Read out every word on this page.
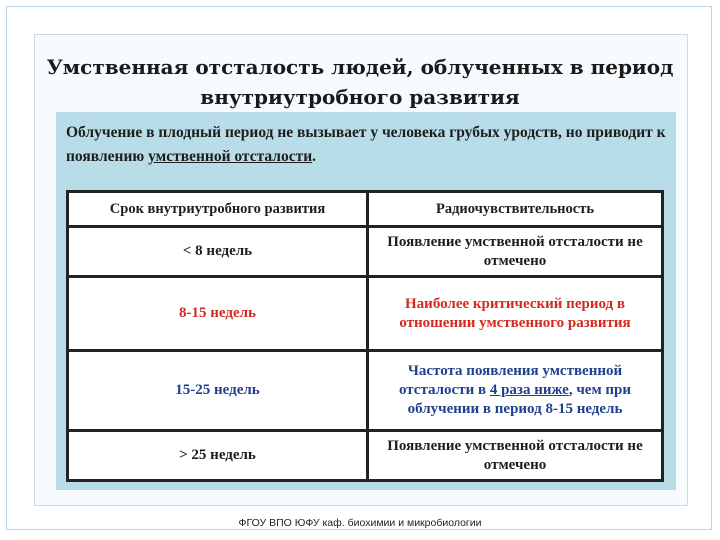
Умственная отсталость людей, облученных в период внутриутробного развития
Облучение в плодный период не вызывает у человека грубых уродств, но приводит к появлению умственной отсталости.
Срок внутриутробного развития	Радиочувствительность
< 8 недель	Появление умственной отсталости не отмечено
8-15 недель	Наиболее критический период в отношении умственного развития
15-25 недель	Частота появления умственной отсталости в 4 раза ниже, чем при облучении в период 8-15 недель
> 25 недель	Появление умственной отсталости не отмечено
ФГОУ ВПО ЮФУ каф. биохимии и микробиологии
